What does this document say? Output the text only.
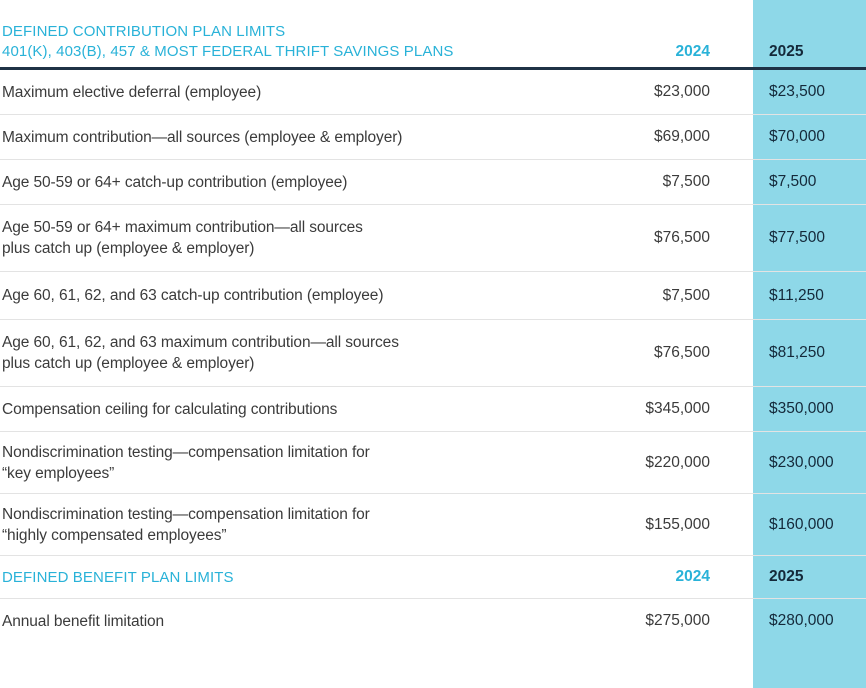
DEFINED CONTRIBUTION PLAN LIMITS
401(K), 403(B), 457 & MOST FEDERAL THRIFT SAVINGS PLANS	2024	2025
Maximum elective deferral (employee)	$23,000	$23,500
Maximum contribution—all sources (employee & employer)	$69,000	$70,000
Age 50-59 or 64+ catch-up contribution (employee)	$7,500	$7,500
Age 50-59 or 64+ maximum contribution—all sources
plus catch up (employee & employer)
$76,500	$77,500
Age 60, 61, 62, and 63 catch-up contribution (employee)	$7,500	$11,250
Age 60, 61, 62, and 63 maximum contribution—all sources
plus catch up (employee & employer)
$76,500	$81,250
Compensation ceiling for calculating contributions	$345,000	$350,000
Nondiscrimination testing—compensation limitation for
“key employees”
$220,000	$230,000
Nondiscrimination testing—compensation limitation for
“highly compensated employees”
$155,000	$160,000
DEFINED BENEFIT PLAN LIMITS	2024	2025
Annual benefit limitation	$275,000	$280,000
